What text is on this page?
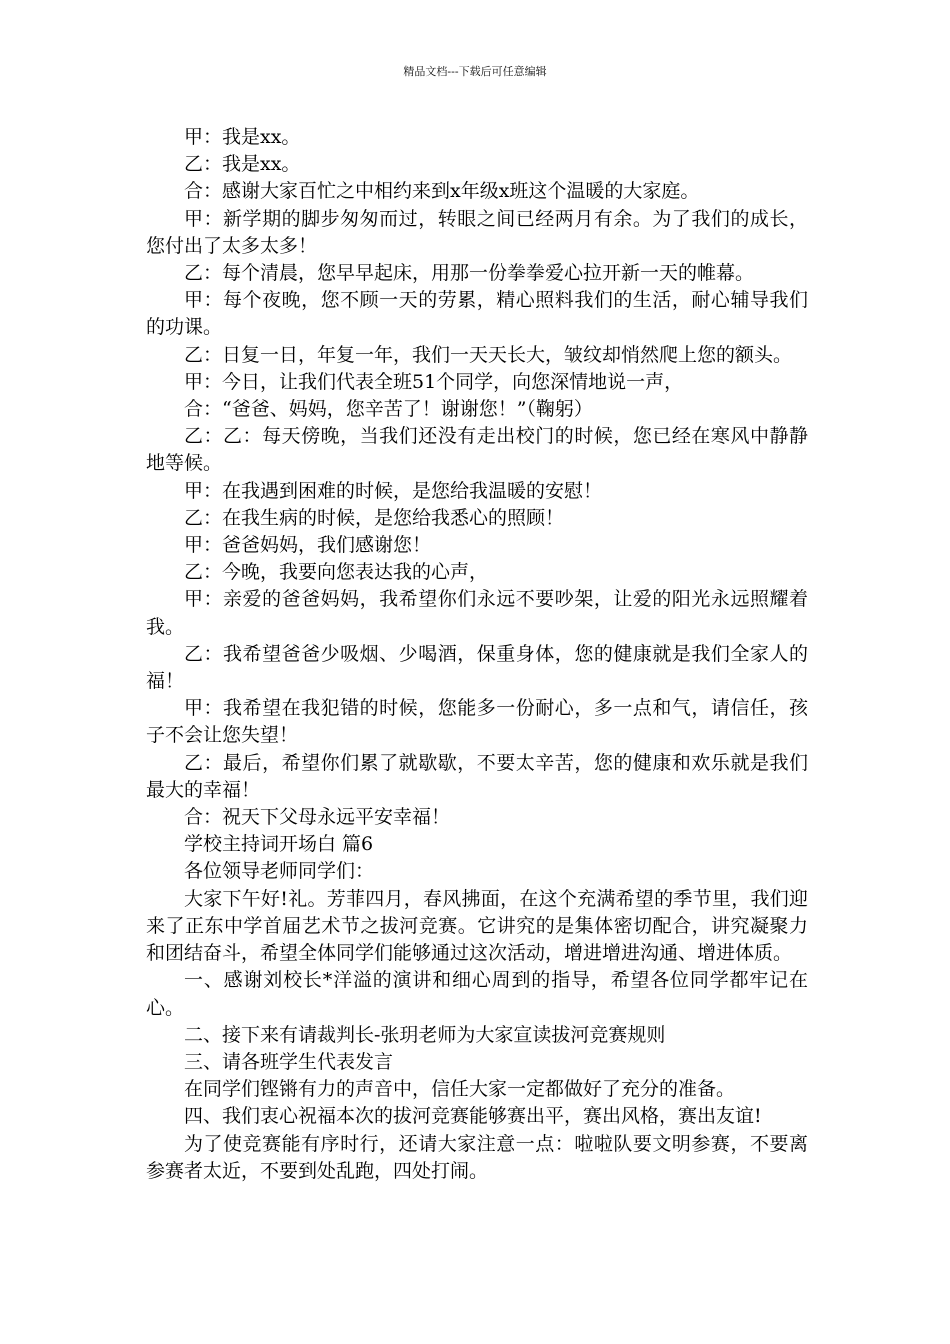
精品文档---下载后可任意编辑

甲：我是xx。

乙：我是xx。

合：感谢大家百忙之中相约来到x年级x班这个温暖的大家庭。

甲：新学期的脚步匆匆而过，转眼之间已经两月有余。为了我们的成长，您付出了太多太多！

乙：每个清晨，您早早起床，用那一份拳拳爱心拉开新一天的帷幕。

甲：每个夜晚，您不顾一天的劳累，精心照料我们的生活，耐心辅导我们的功课。

乙：日复一日，年复一年，我们一天天长大，皱纹却悄然爬上您的额头。

甲：今日，让我们代表全班51个同学，向您深情地说一声，

合：“爸爸、妈妈，您辛苦了！谢谢您！”（鞠躬）

乙：乙：每天傍晚，当我们还没有走出校门的时候，您已经在寒风中静静地等候。

甲：在我遇到困难的时候，是您给我温暖的安慰！

乙：在我生病的时候，是您给我悉心的照顾！

甲：爸爸妈妈，我们感谢您！

乙：今晚，我要向您表达我的心声，

甲：亲爱的爸爸妈妈，我希望你们永远不要吵架，让爱的阳光永远照耀着我。

乙：我希望爸爸少吸烟、少喝酒，保重身体，您的健康就是我们全家人的福！

甲：我希望在我犯错的时候，您能多一份耐心，多一点和气，请信任，孩子不会让您失望！

乙：最后，希望你们累了就歇歇，不要太辛苦，您的健康和欢乐就是我们最大的幸福！

合：祝天下父母永远平安幸福！

学校主持词开场白 篇6

各位领导老师同学们：

大家下午好!礼。芳菲四月，春风拂面，在这个充满希望的季节里，我们迎来了正东中学首届艺术节之拔河竞赛。它讲究的是集体密切配合，讲究凝聚力和团结奋斗，希望全体同学们能够通过这次活动，增进增进沟通、增进体质。

一、感谢刘校长*洋溢的演讲和细心周到的指导，希望各位同学都牢记在心。

二、接下来有请裁判长-张玥老师为大家宣读拔河竞赛规则

三、请各班学生代表发言

在同学们铿锵有力的声音中，信任大家一定都做好了充分的准备。

四、我们衷心祝福本次的拔河竞赛能够赛出平，赛出风格，赛出友谊!

为了使竞赛能有序时行，还请大家注意一点：啦啦队要文明参赛，不要离参赛者太近，不要到处乱跑，四处打闹。
